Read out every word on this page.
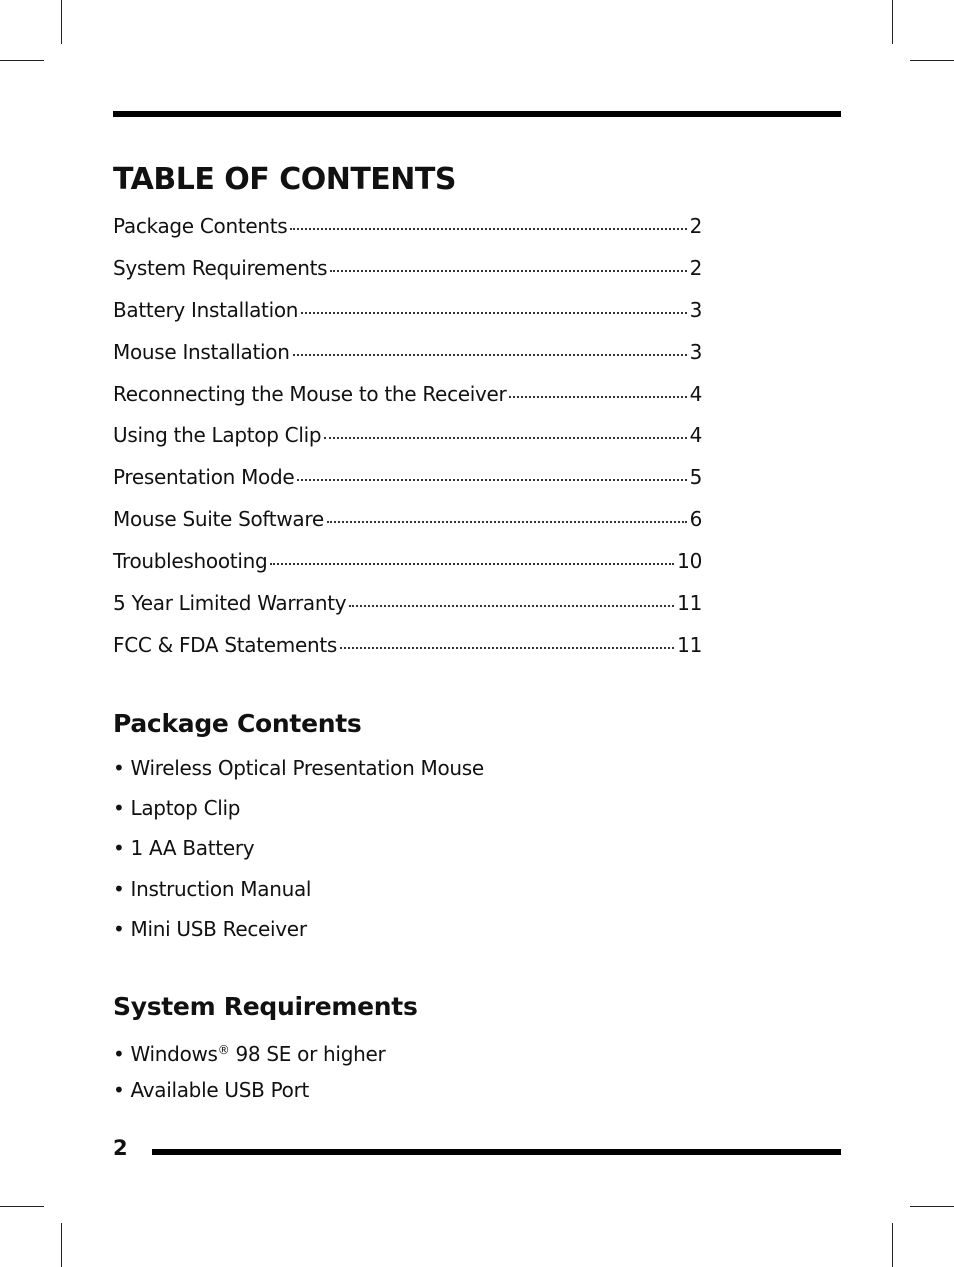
TABLE OF CONTENTS
Package Contents	2
System Requirements	2
Battery Installation	3
Mouse Installation	3
Reconnecting the Mouse to the Receiver	4
Using the Laptop Clip	4
Presentation Mode	5
Mouse Suite Software	6
Troubleshooting	10
5 Year Limited Warranty	11
FCC & FDA Statements	11
Package Contents
• Wireless Optical Presentation Mouse
• Laptop Clip
• 1 AA Battery
• Instruction Manual
• Mini USB Receiver
System Requirements
• Windows® 98 SE or higher
• Available USB Port
2
